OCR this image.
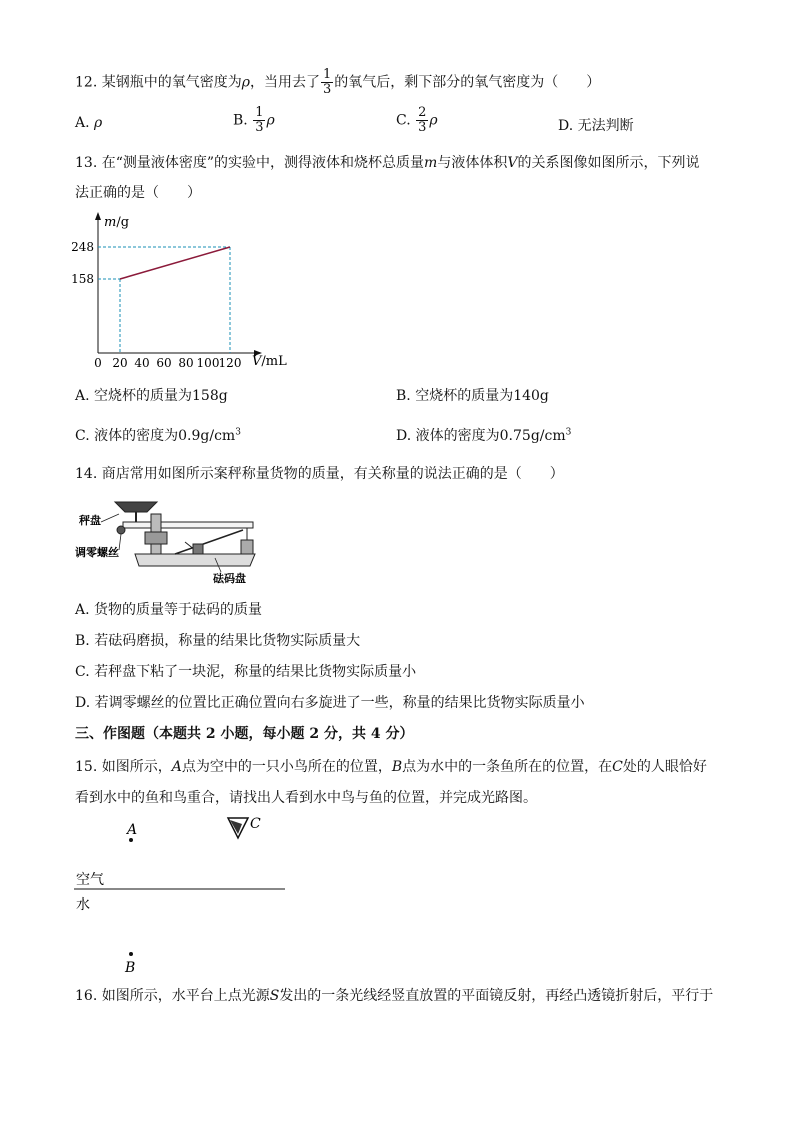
12. 某钢瓶中的氧气密度为ρ，当用去了 $\frac{1}{3}$ 的氧气后，剩下部分的氧气密度为（　　）
A. ρ	B. $\frac{1}{3}$ ρ	C. $\frac{2}{3}$ ρ	D. 无法判断
13. 在“测量液体密度”的实验中，测得液体和烧杯总质量m与液体体积V的关系图像如图所示，下列说
法正确的是（　　）
m/g
V/mL
0 20 40 60 80 100 120
158
248
A. 空烧杯的质量为158g	B. 空烧杯的质量为140g
C. 液体的密度为$0.9g/cm^3$	D. 液体的密度为$0.75g/cm^3$
14. 商店常用如图所示案秤称量货物的质量，有关称量的说法正确的是（　　）
秤盘
调零螺丝
砝码盘
A. 货物的质量等于砝码的质量
B. 若砝码磨损，称量的结果比货物实际质量大
C. 若秤盘下粘了一块泥，称量的结果比货物实际质量小
D. 若调零螺丝的位置比正确位置向右多旋进了一些，称量的结果比货物实际质量小
三、作图题（本题共 2 小题，每小题 2 分，共 4 分）
15. 如图所示，A点为空中的一只小鸟所在的位置，B点为水中的一条鱼所在的位置，在C处的人眼恰好
看到水中的鱼和鸟重合，请找出人看到水中鸟与鱼的位置，并完成光路图。
A	C
空气
水
B
16. 如图所示，水平台上点光源S发出的一条光线经竖直放置的平面镜反射，再经凸透镜折射后，平行于
